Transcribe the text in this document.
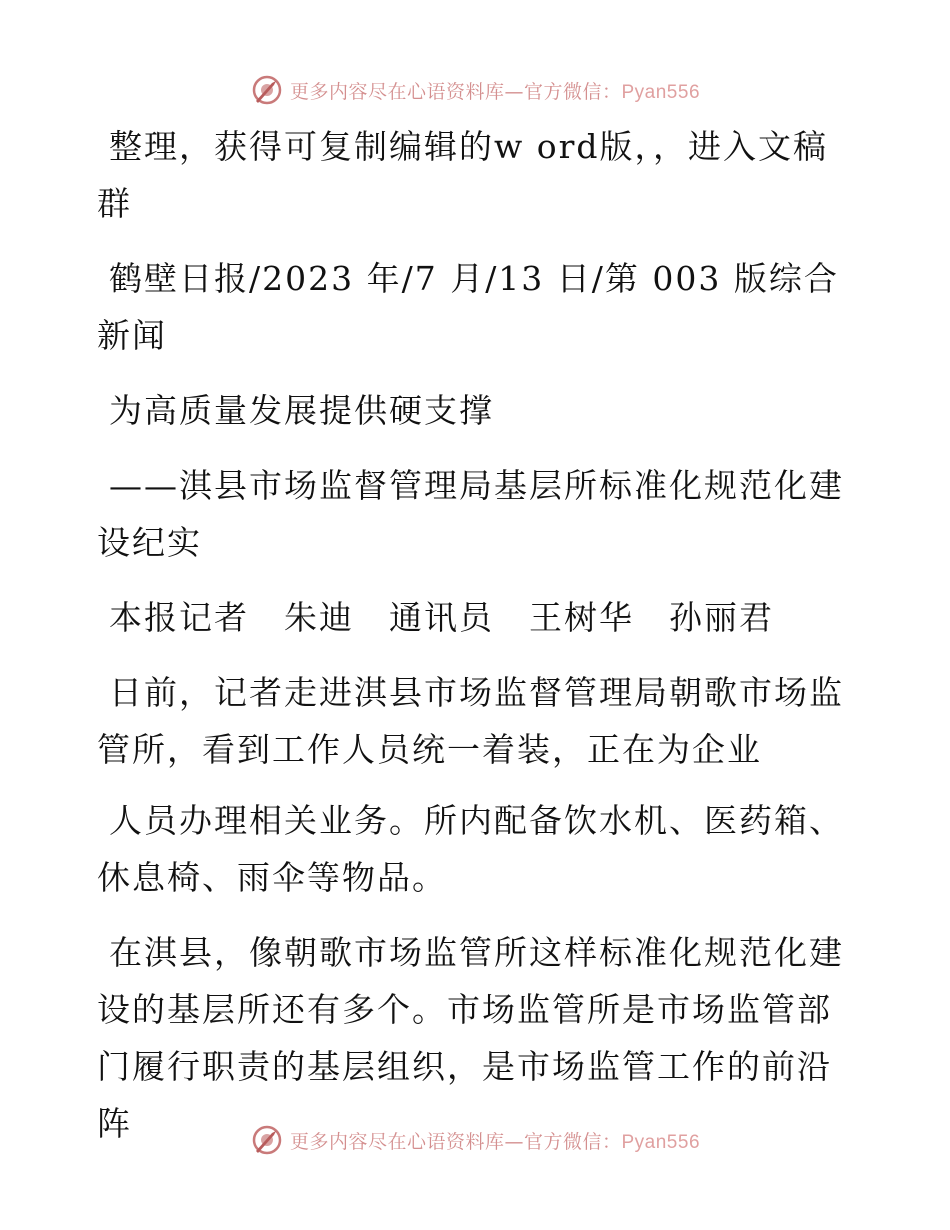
更多内容尽在心语资料库—官方微信：Pyan556

整理，获得可复制编辑的w ord版，，进入文稿群

鹤壁日报/2023 年/7 月/13 日/第 003 版综合新闻

为高质量发展提供硬支撑

——淇县市场监督管理局基层所标准化规范化建设纪实

本报记者　朱迪　通讯员　王树华　孙丽君

日前，记者走进淇县市场监督管理局朝歌市场监管所，看到工作人员统一着装，正在为企业

人员办理相关业务。所内配备饮水机、医药箱、休息椅、雨伞等物品。

在淇县，像朝歌市场监管所这样标准化规范化建设的基层所还有多个。市场监管所是市场监管部门履行职责的基层组织，是市场监管工作的前沿阵	更多内容尽在心语资料库—官方微信：Pyan556
